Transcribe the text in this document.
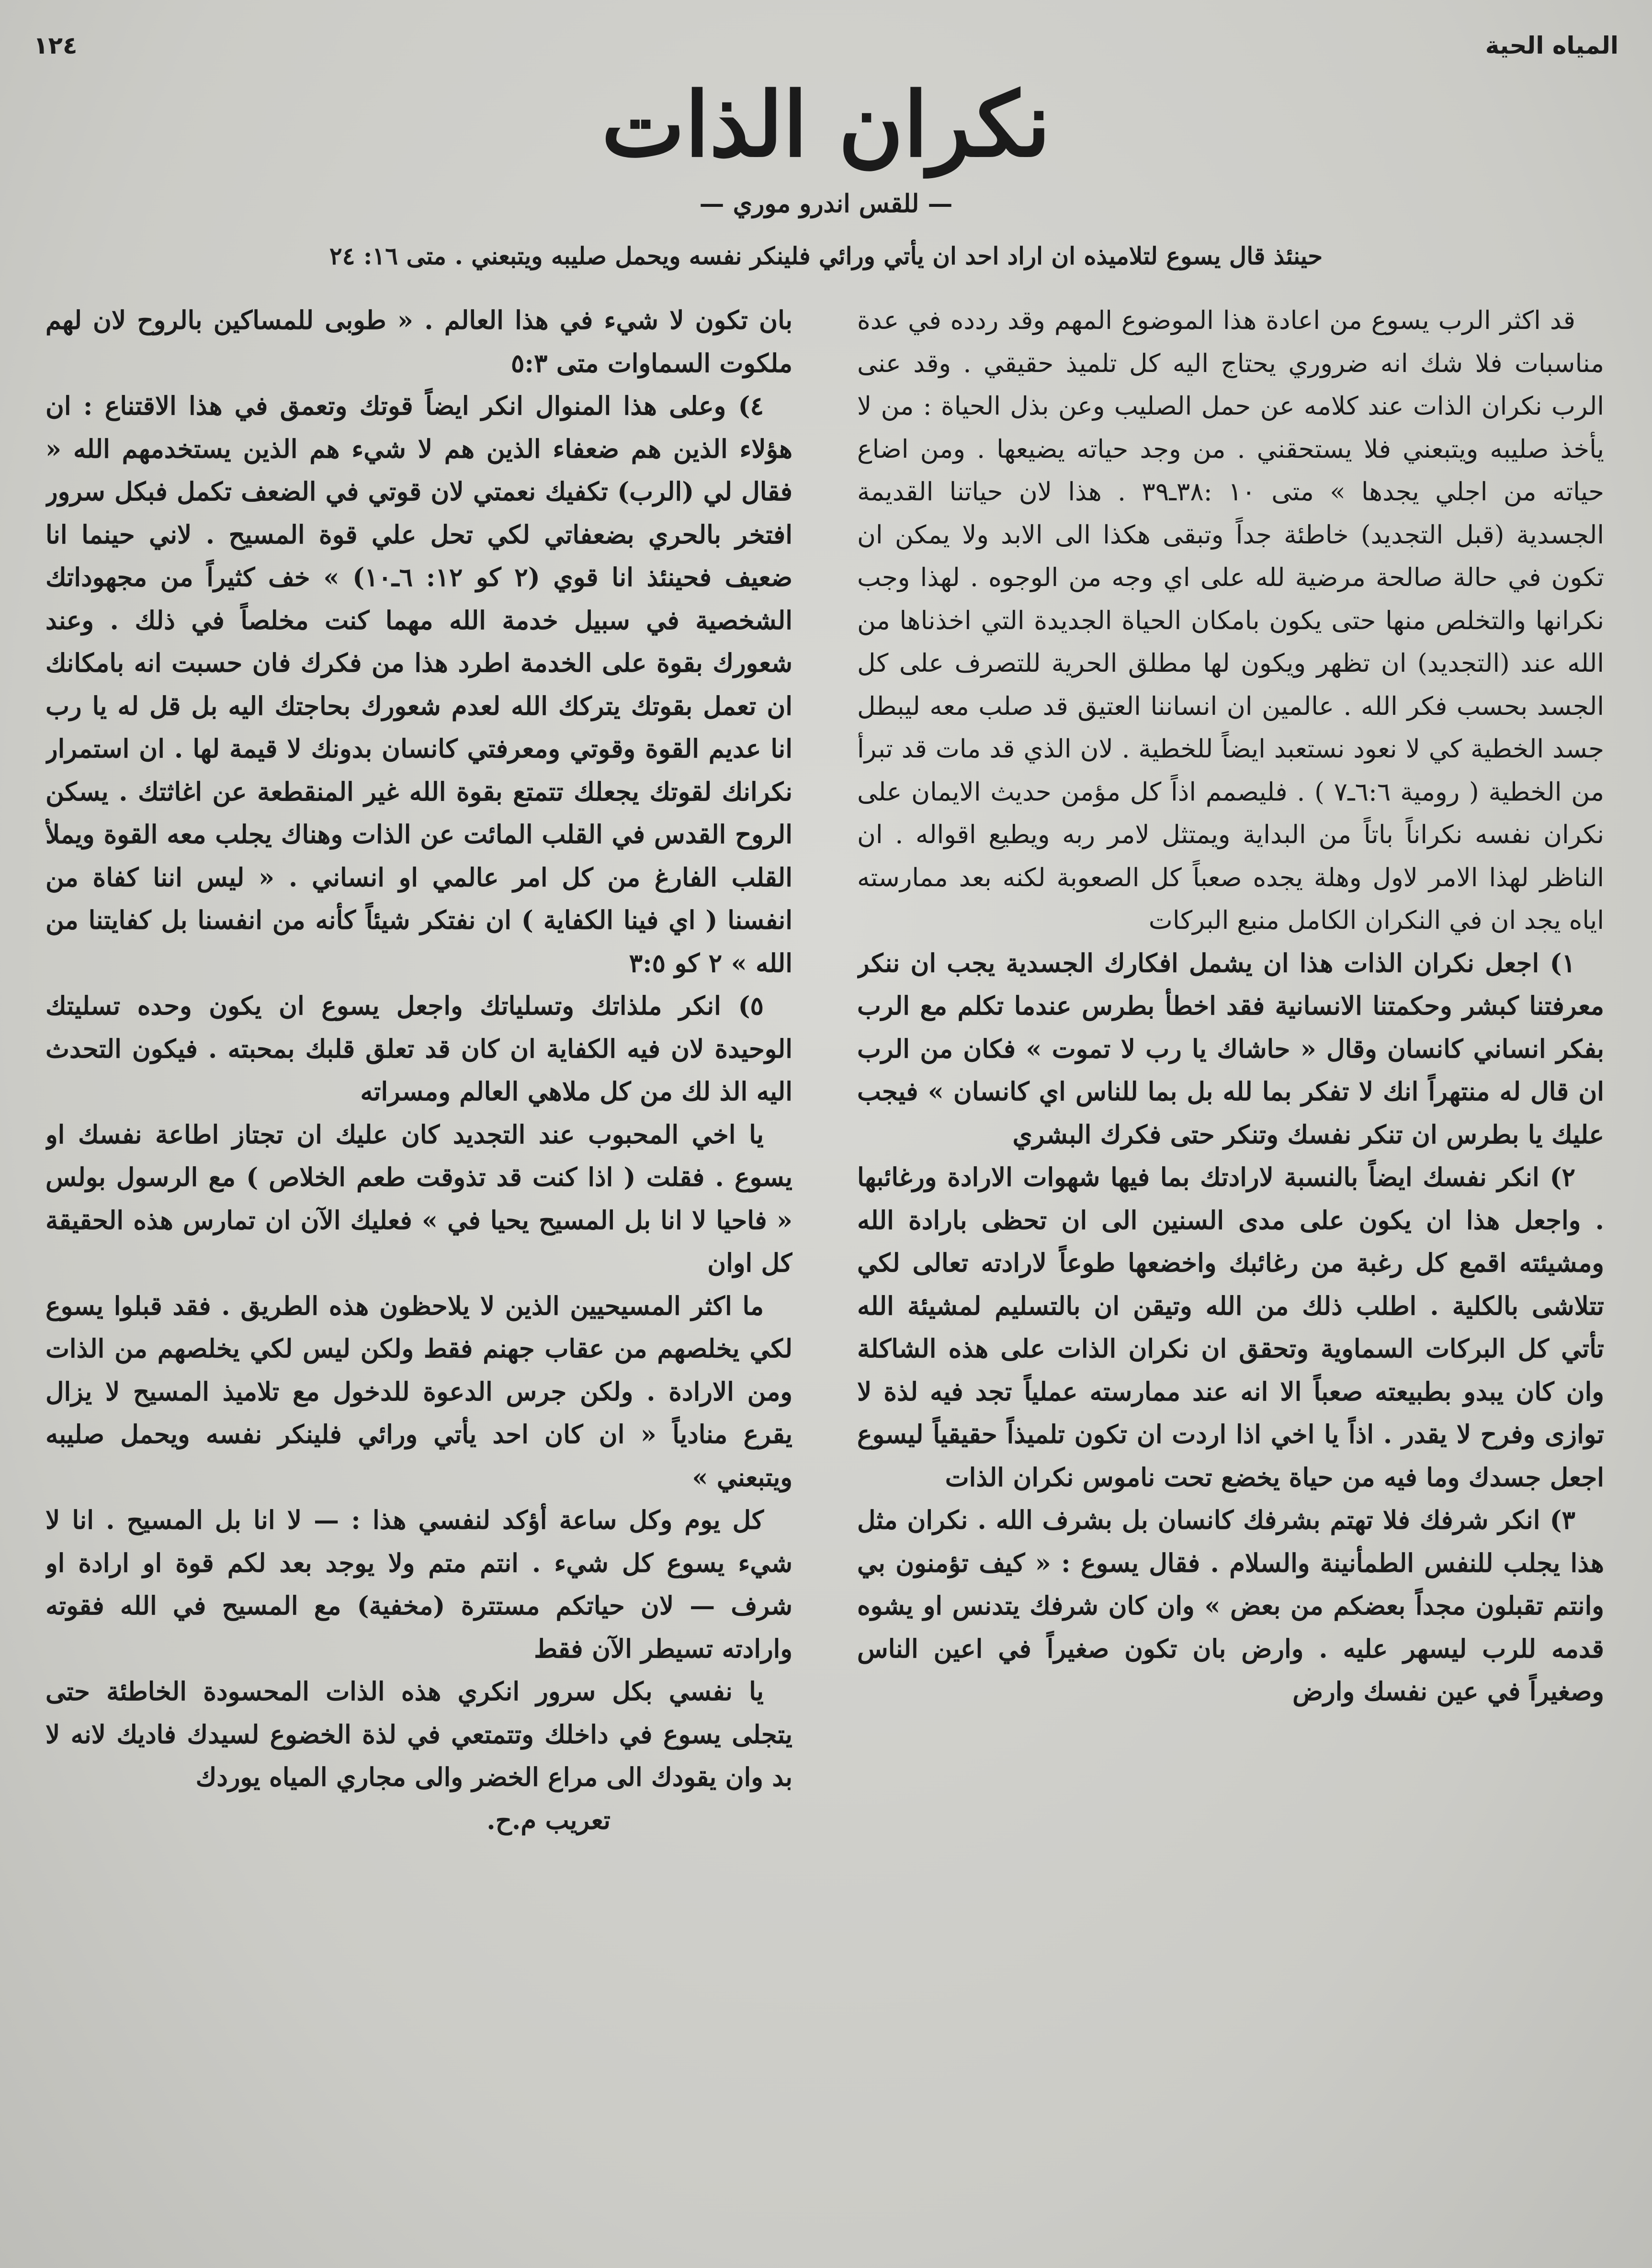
١٢٤	المياه الحية
نكران الذات
— للقس اندرو موري —
حينئذ قال يسوع لتلاميذه ان اراد احد ان يأتي ورائي فلينكر نفسه ويحمل صليبه ويتبعني . متى ١٦: ٢٤

قد اكثر الرب يسوع من اعادة هذا الموضوع المهم وقد ردده في عدة مناسبات فلا شك انه ضروري يحتاج اليه كل تلميذ حقيقي . وقد عنى الرب نكران الذات عند كلامه عن حمل الصليب وعن بذل الحياة : من لا يأخذ صليبه ويتبعني فلا يستحقني . من وجد حياته يضيعها . ومن اضاع حياته من اجلي يجدها » متى ١٠ :٣٨ـ٣٩ . هذا لان حياتنا القديمة الجسدية (قبل التجديد) خاطئة جداً وتبقى هكذا الى الابد ولا يمكن ان تكون في حالة صالحة مرضية لله على اي وجه من الوجوه . لهذا وجب نكرانها والتخلص منها حتى يكون بامكان الحياة الجديدة التي اخذناها من الله عند (التجديد) ان تظهر ويكون لها مطلق الحرية للتصرف على كل الجسد بحسب فكر الله . عالمين ان انساننا العتيق قد صلب معه ليبطل جسد الخطية كي لا نعود نستعبد ايضاً للخطية . لان الذي قد مات قد تبرأ من الخطية ( رومية ٦:٦ـ٧ ) . فليصمم اذاً كل مؤمن حديث الايمان على نكران نفسه نكراناً باتاً من البداية ويمتثل لامر ربه ويطيع اقواله . ان الناظر لهذا الامر لاول وهلة يجده صعباً كل الصعوبة لكنه بعد ممارسته اياه يجد ان في النكران الكامل منبع البركات

١) اجعل نكران الذات هذا ان يشمل افكارك الجسدية يجب ان ننكر معرفتنا كبشر وحكمتنا الانسانية فقد اخطأ بطرس عندما تكلم مع الرب بفكر انساني كانسان وقال « حاشاك يا رب لا تموت » فكان من الرب ان قال له منتهراً انك لا تفكر بما لله بل بما للناس اي كانسان » فيجب عليك يا بطرس ان تنكر نفسك وتنكر حتى فكرك البشري

٢) انكر نفسك ايضاً بالنسبة لارادتك بما فيها شهوات الارادة ورغائبها . واجعل هذا ان يكون على مدى السنين الى ان تحظى بارادة الله ومشيئته اقمع كل رغبة من رغائبك واخضعها طوعاً لارادته تعالى لكي تتلاشى بالكلية . اطلب ذلك من الله وتيقن ان بالتسليم لمشيئة الله تأتي كل البركات السماوية وتحقق ان نكران الذات على هذه الشاكلة وان كان يبدو بطبيعته صعباً الا انه عند ممارسته عملياً تجد فيه لذة لا توازى وفرح لا يقدر . اذاً يا اخي اذا اردت ان تكون تلميذاً حقيقياً ليسوع اجعل جسدك وما فيه من حياة يخضع تحت ناموس نكران الذات

٣) انكر شرفك فلا تهتم بشرفك كانسان بل بشرف الله . نكران مثل هذا يجلب للنفس الطمأنينة والسلام . فقال يسوع : « كيف تؤمنون بي وانتم تقبلون مجداً بعضكم من بعض » وان كان شرفك يتدنس او يشوه قدمه للرب ليسهر عليه . وارض بان تكون صغيراً في اعين الناس وصغيراً في عين نفسك وارض

بان تكون لا شيء في هذا العالم . « طوبى للمساكين بالروح لان لهم ملكوت السماوات متى ٥:٣

٤) وعلى هذا المنوال انكر ايضاً قوتك وتعمق في هذا الاقتناع : ان هؤلاء الذين هم ضعفاء الذين هم لا شيء هم الذين يستخدمهم الله « فقال لي (الرب) تكفيك نعمتي لان قوتي في الضعف تكمل فبكل سرور افتخر بالحري بضعفاتي لكي تحل علي قوة المسيح . لاني حينما انا ضعيف فحينئذ انا قوي (٢ كو ١٢: ٦ـ١٠) » خف كثيراً من مجهوداتك الشخصية في سبيل خدمة الله مهما كنت مخلصاً في ذلك . وعند شعورك بقوة على الخدمة اطرد هذا من فكرك فان حسبت انه بامكانك ان تعمل بقوتك يتركك الله لعدم شعورك بحاجتك اليه بل قل له يا رب انا عديم القوة وقوتي ومعرفتي كانسان بدونك لا قيمة لها . ان استمرار نكرانك لقوتك يجعلك تتمتع بقوة الله غير المنقطعة عن اغاثتك . يسكن الروح القدس في القلب المائت عن الذات وهناك يجلب معه القوة ويملأ القلب الفارغ من كل امر عالمي او انساني . « ليس اننا كفاة من انفسنا ( اي فينا الكفاية ) ان نفتكر شيئاً كأنه من انفسنا بل كفايتنا من الله » ٢ كو ٣:٥

٥) انكر ملذاتك وتسلياتك واجعل يسوع ان يكون وحده تسليتك الوحيدة لان فيه الكفاية ان كان قد تعلق قلبك بمحبته . فيكون التحدث اليه الذ لك من كل ملاهي العالم ومسراته

يا اخي المحبوب عند التجديد كان عليك ان تجتاز اطاعة نفسك او يسوع . فقلت ( اذا كنت قد تذوقت طعم الخلاص ) مع الرسول بولس « فاحيا لا انا بل المسيح يحيا في » فعليك الآن ان تمارس هذه الحقيقة كل اوان

ما اكثر المسيحيين الذين لا يلاحظون هذه الطريق . فقد قبلوا يسوع لكي يخلصهم من عقاب جهنم فقط ولكن ليس لكي يخلصهم من الذات ومن الارادة . ولكن جرس الدعوة للدخول مع تلاميذ المسيح لا يزال يقرع منادياً « ان كان احد يأتي ورائي فلينكر نفسه ويحمل صليبه ويتبعني »

كل يوم وكل ساعة أؤكد لنفسي هذا : — لا انا بل المسيح . انا لا شيء يسوع كل شيء . انتم متم ولا يوجد بعد لكم قوة او ارادة او شرف — لان حياتكم مستترة (مخفية) مع المسيح في الله فقوته وارادته تسيطر الآن فقط

يا نفسي بكل سرور انكري هذه الذات المحسودة الخاطئة حتى يتجلى يسوع في داخلك وتتمتعي في لذة الخضوع لسيدك فاديك لانه لا بد وان يقودك الى مراع الخضر والى مجاري المياه يوردك

تعريب م.ح.
